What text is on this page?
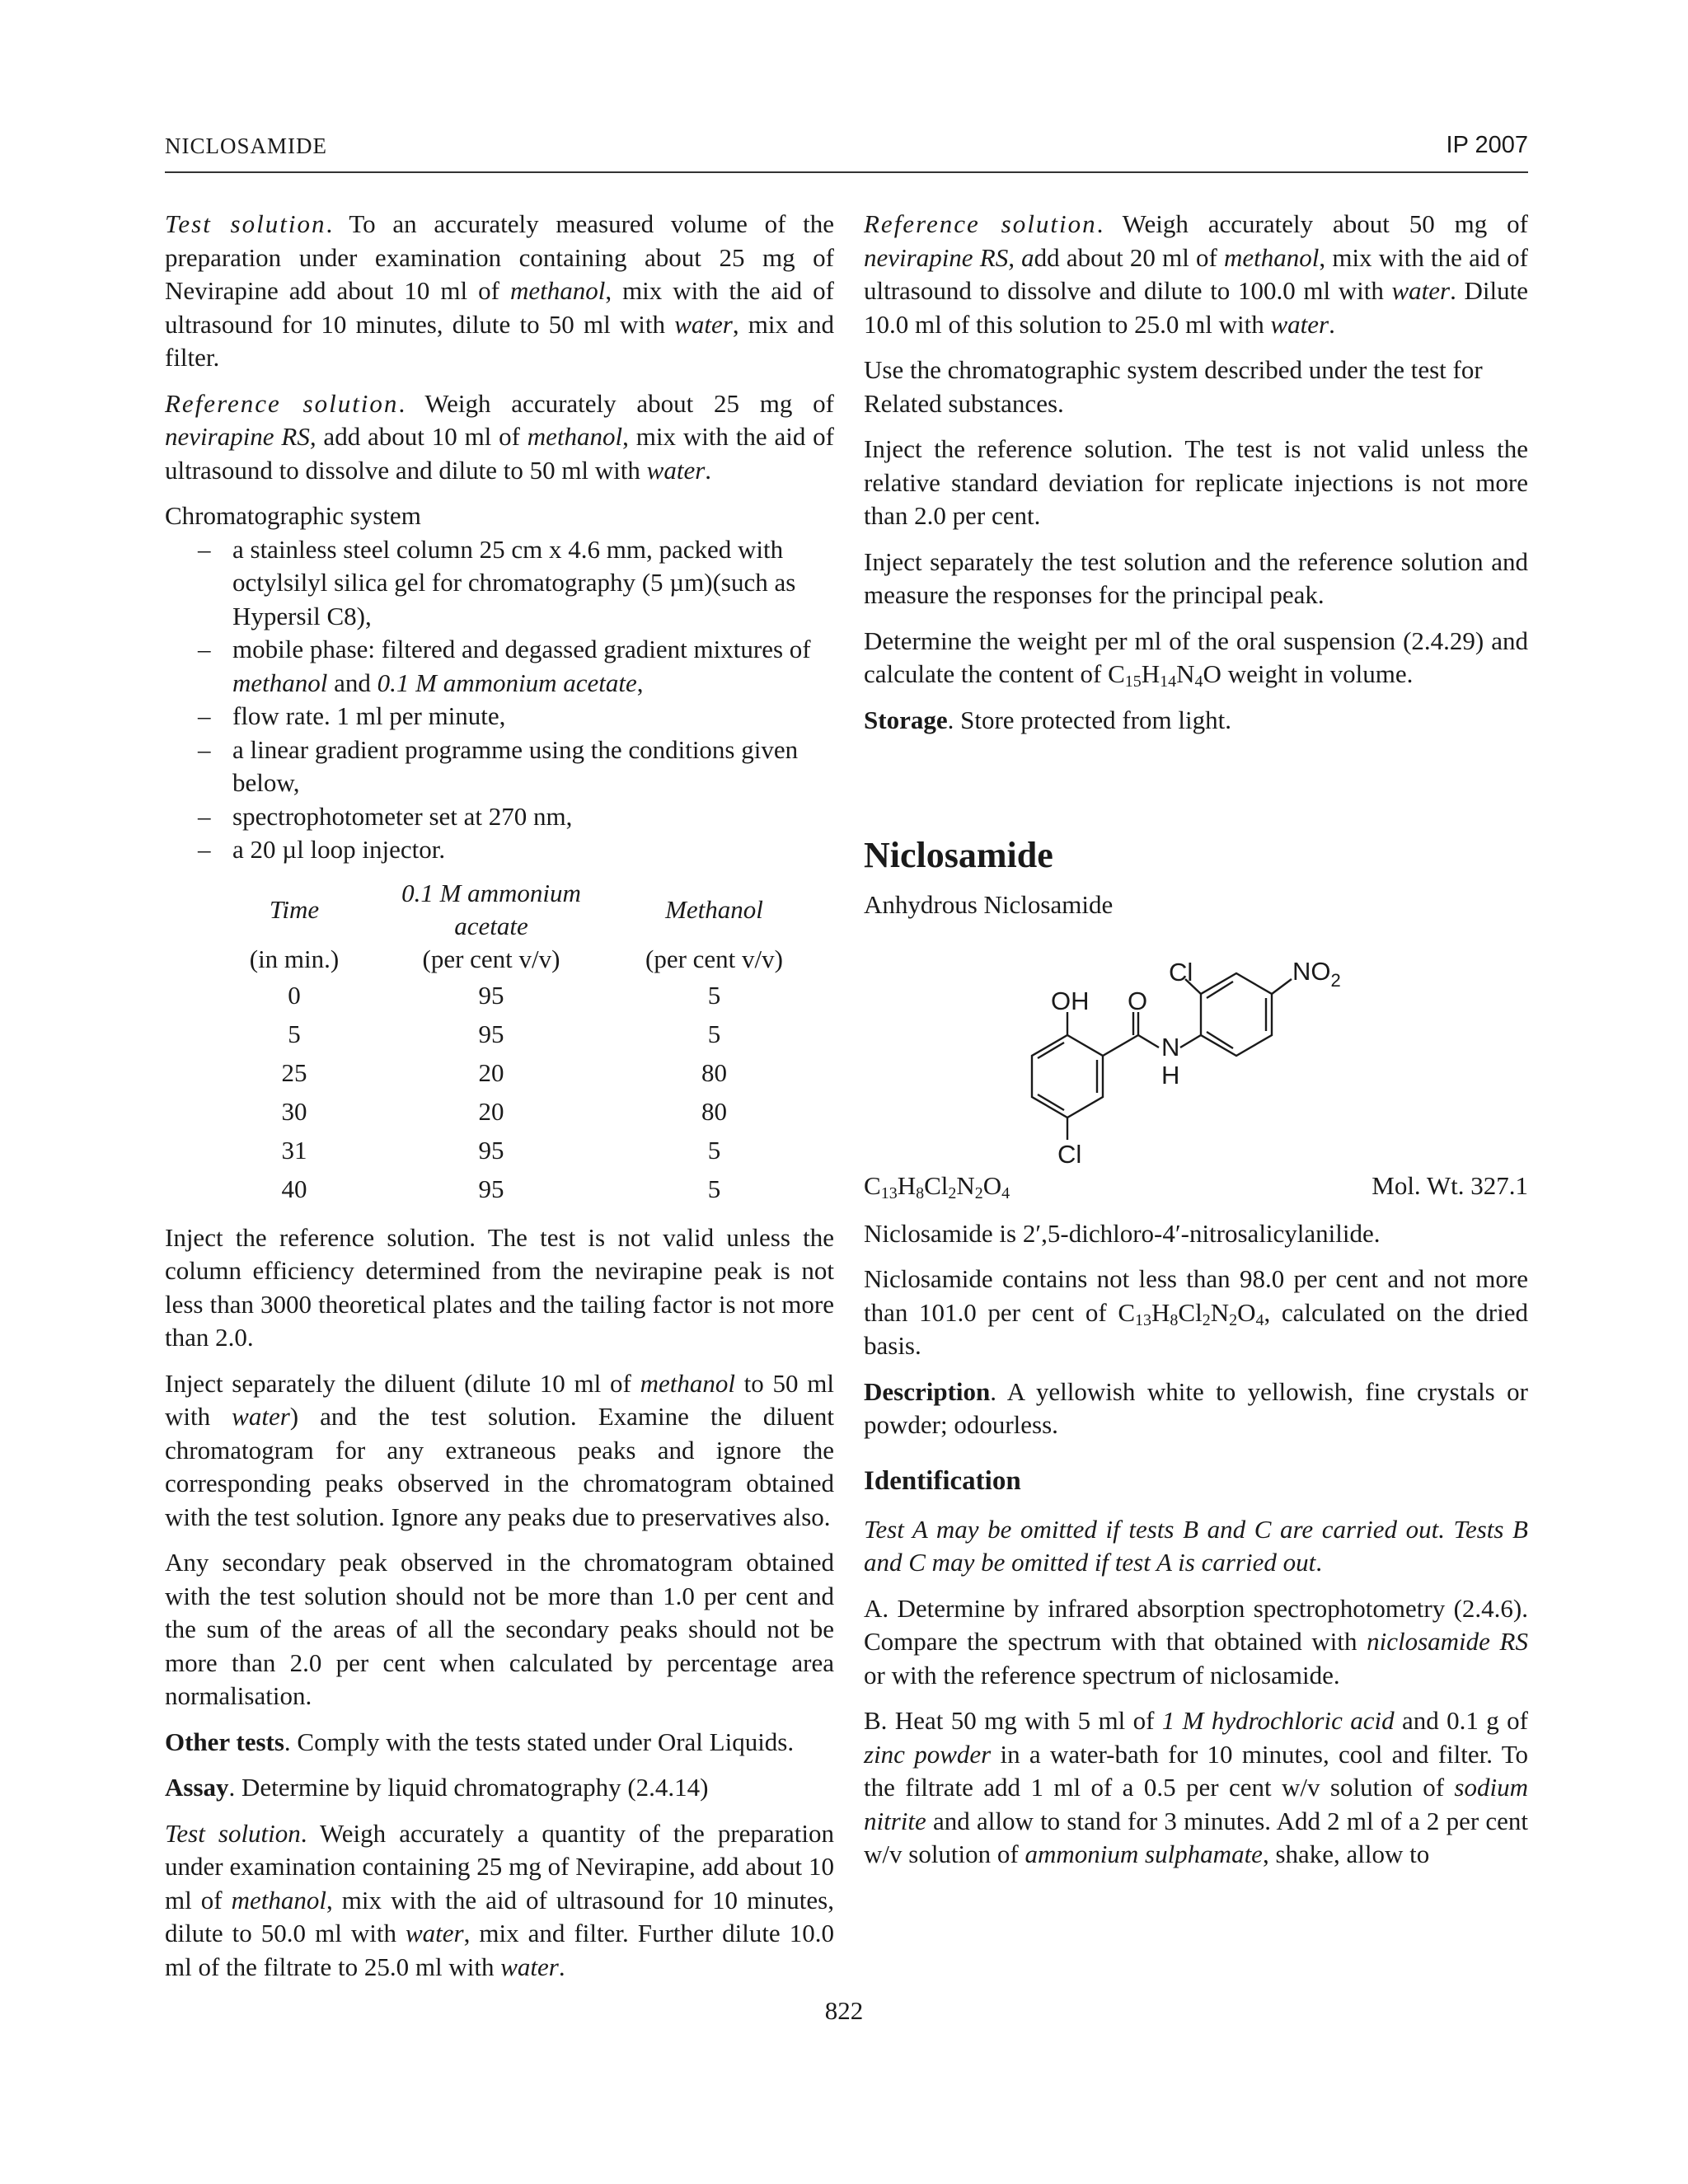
NICLOSAMIDE	IP 2007

Test solution. To an accurately measured volume of the preparation under examination containing about 25 mg of Nevirapine add about 10 ml of methanol, mix with the aid of ultrasound for 10 minutes, dilute to 50 ml with water, mix and filter.

Reference solution. Weigh accurately about 25 mg of nevirapine RS, add about 10 ml of methanol, mix with the aid of ultrasound to dissolve and dilute to 50 ml with water.

Chromatographic system
– a stainless steel column 25 cm x 4.6 mm, packed with octylsilyl silica gel for chromatography (5 µm)(such as Hypersil C8),
– mobile phase: filtered and degassed gradient mixtures of methanol and 0.1 M ammonium acetate,
– flow rate. 1 ml per minute,
– a linear gradient programme using the conditions given below,
– spectrophotometer set at 270 nm,
– a 20 µl loop injector.
Time	0.1 M ammonium acetate	Methanol
(in min.)	(per cent v/v)	(per cent v/v)
0	95	5
5	95	5
25	20	80
30	20	80
31	95	5
40	95	5

Inject the reference solution. The test is not valid unless the column efficiency determined from the nevirapine peak is not less than 3000 theoretical plates and the tailing factor is not more than 2.0.

Inject separately the diluent (dilute 10 ml of methanol to 50 ml with water) and the test solution. Examine the diluent chromatogram for any extraneous peaks and ignore the corresponding peaks observed in the chromatogram obtained with the test solution. Ignore any peaks due to preservatives also.

Any secondary peak observed in the chromatogram obtained with the test solution should not be more than 1.0 per cent and the sum of the areas of all the secondary peaks should not be more than 2.0 per cent when calculated by percentage area normalisation.

Other tests. Comply with the tests stated under Oral Liquids.

Assay. Determine by liquid chromatography (2.4.14)

Test solution. Weigh accurately a quantity of the preparation under examination containing 25 mg of Nevirapine, add about 10 ml of methanol, mix with the aid of ultrasound for 10 minutes, dilute to 50.0 ml with water, mix and filter. Further dilute 10.0 ml of the filtrate to 25.0 ml with water.

Reference solution. Weigh accurately about 50 mg of nevirapine RS, add about 20 ml of methanol, mix with the aid of ultrasound to dissolve and dilute to 100.0 ml with water. Dilute 10.0 ml of this solution to 25.0 ml with water.

Use the chromatographic system described under the test for Related substances.

Inject the reference solution. The test is not valid unless the relative standard deviation for replicate injections is not more than 2.0 per cent.

Inject separately the test solution and the reference solution and measure the responses for the principal peak.

Determine the weight per ml of the oral suspension (2.4.29) and calculate the content of $C_{15}H_{14}N_4O$ weight in volume.

Storage. Store protected from light.

Niclosamide
Anhydrous Niclosamide
OH O
Cl	$NO_2$
N
H
Cl
$C_{13}H_8Cl_2N_2O_4$	Mol. Wt. 327.1

Niclosamide is 2′,5-dichloro-4′-nitrosalicylanilide.

Niclosamide contains not less than 98.0 per cent and not more than 101.0 per cent of $C_{13}H_8Cl_2N_2O_4$, calculated on the dried basis.

Description. A yellowish white to yellowish, fine crystals or powder; odourless.

Identification

Test A may be omitted if tests B and C are carried out. Tests B and C may be omitted if test A is carried out.

A. Determine by infrared absorption spectrophotometry (2.4.6). Compare the spectrum with that obtained with niclosamide RS or with the reference spectrum of niclosamide.

B. Heat 50 mg with 5 ml of 1 M hydrochloric acid and 0.1 g of zinc powder in a water-bath for 10 minutes, cool and filter. To the filtrate add 1 ml of a 0.5 per cent w/v solution of sodium nitrite and allow to stand for 3 minutes. Add 2 ml of a 2 per cent w/v solution of ammonium sulphamate, shake, allow to

822
